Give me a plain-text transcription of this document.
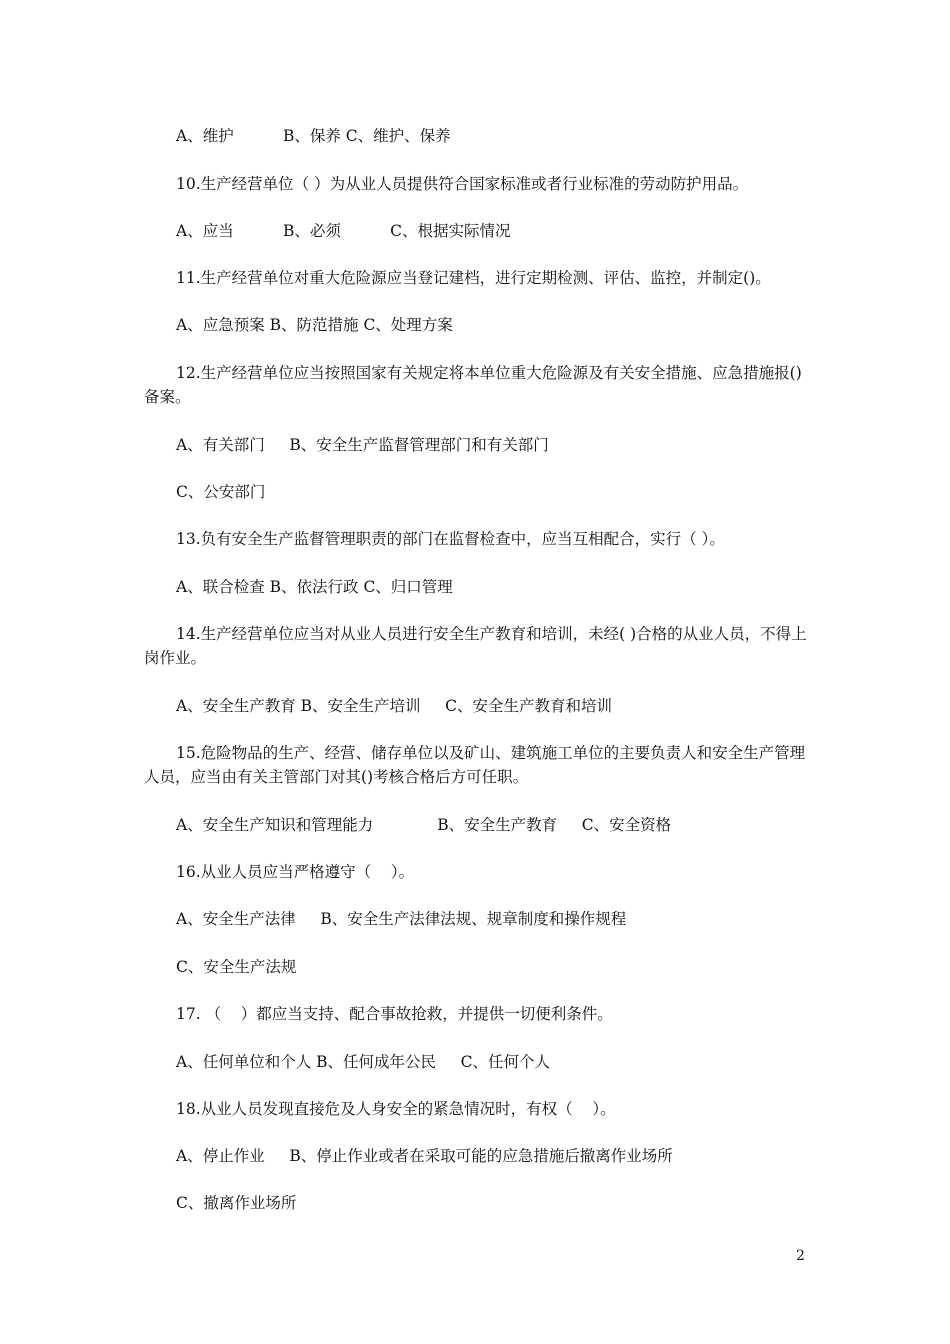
A、维护          B、保养 C、维护、保养
10.生产经营单位（ ）为从业人员提供符合国家标准或者行业标准的劳动防护用品。
A、应当          B、必须          C、根据实际情况
11.生产经营单位对重大危险源应当登记建档，进行定期检测、评估、监控，并制定()。
A、应急预案 B、防范措施 C、处理方案
12.生产经营单位应当按照国家有关规定将本单位重大危险源及有关安全措施、应急措施报()备案。
A、有关部门     B、安全生产监督管理部门和有关部门
C、公安部门
13.负有安全生产监督管理职责的部门在监督检查中，应当互相配合，实行（ ）。
A、联合检查 B、依法行政 C、归口管理
14.生产经营单位应当对从业人员进行安全生产教育和培训，未经( )合格的从业人员，不得上岗作业。
A、安全生产教育 B、安全生产培训     C、安全生产教育和培训
15.危险物品的生产、经营、储存单位以及矿山、建筑施工单位的主要负责人和安全生产管理人员，应当由有关主管部门对其()考核合格后方可任职。
A、安全生产知识和管理能力             B、安全生产教育     C、安全资格
16.从业人员应当严格遵守（    ）。
A、安全生产法律     B、安全生产法律法规、规章制度和操作规程
C、安全生产法规
17. （    ）都应当支持、配合事故抢救，并提供一切便利条件。
A、任何单位和个人 B、任何成年公民     C、任何个人
18.从业人员发现直接危及人身安全的紧急情况时，有权（    ）。
A、停止作业     B、停止作业或者在采取可能的应急措施后撤离作业场所
C、撤离作业场所
2
